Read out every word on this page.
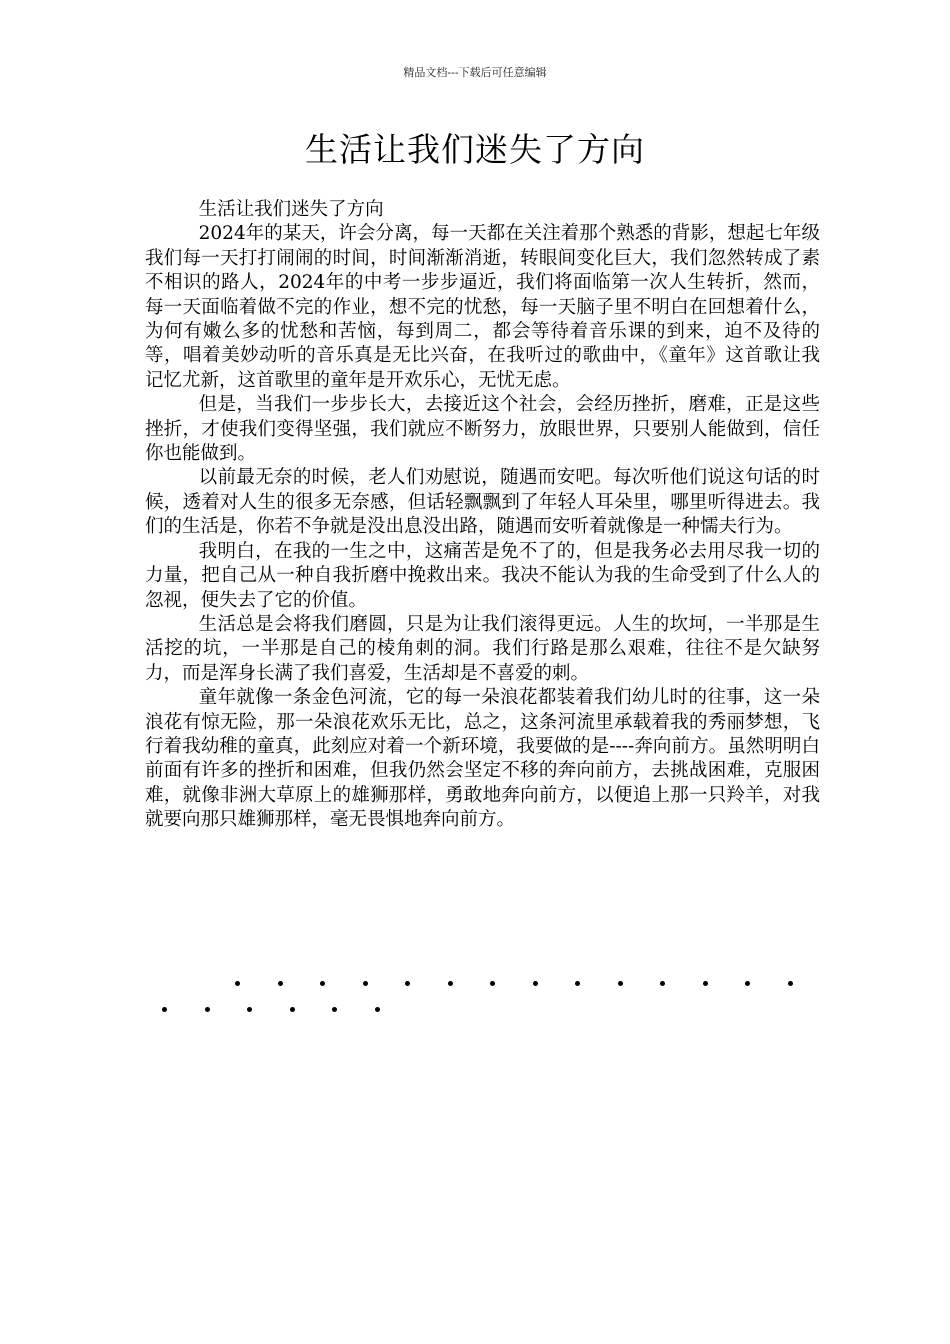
精品文档---下载后可任意编辑
生活让我们迷失了方向

生活让我们迷失了方向

2024年的某天，许会分离，每一天都在关注着那个熟悉的背影，想起七年级我们每一天打打闹闹的时间，时间渐渐消逝，转眼间变化巨大，我们忽然转成了素不相识的路人，2024年的中考一步步逼近，我们将面临第一次人生转折，然而，每一天面临着做不完的作业，想不完的忧愁，每一天脑子里不明白在回想着什么，为何有嫩么多的忧愁和苦恼，每到周二，都会等待着音乐课的到来，迫不及待的等，唱着美妙动听的音乐真是无比兴奋，在我听过的歌曲中，《童年》这首歌让我记忆尤新，这首歌里的童年是开欢乐心，无忧无虑。

但是，当我们一步步长大，去接近这个社会，会经历挫折，磨难，正是这些挫折，才使我们变得坚强，我们就应不断努力，放眼世界，只要别人能做到，信任你也能做到。

以前最无奈的时候，老人们劝慰说，随遇而安吧。每次听他们说这句话的时候，透着对人生的很多无奈感，但话轻飘飘到了年轻人耳朵里，哪里听得进去。我们的生活是，你若不争就是没出息没出路，随遇而安听着就像是一种懦夫行为。

我明白，在我的一生之中，这痛苦是免不了的，但是我务必去用尽我一切的力量，把自己从一种自我折磨中挽救出来。我决不能认为我的生命受到了什么人的忽视，便失去了它的价值。

生活总是会将我们磨圆，只是为让我们滚得更远。人生的坎坷，一半那是生活挖的坑，一半那是自己的棱角刺的洞。我们行路是那么艰难，往往不是欠缺努力，而是浑身长满了我们喜爱，生活却是不喜爱的刺。

童年就像一条金色河流，它的每一朵浪花都装着我们幼儿时的往事，这一朵浪花有惊无险，那一朵浪花欢乐无比，总之，这条河流里承载着我的秀丽梦想，飞行着我幼稚的童真，此刻应对着一个新环境，我要做的是----奔向前方。虽然明明白前面有许多的挫折和困难，但我仍然会坚定不移的奔向前方，去挑战困难，克服困难，就像非洲大草原上的雄狮那样，勇敢地奔向前方，以便追上那一只羚羊，对我就要向那只雄狮那样，毫无畏惧地奔向前方。
